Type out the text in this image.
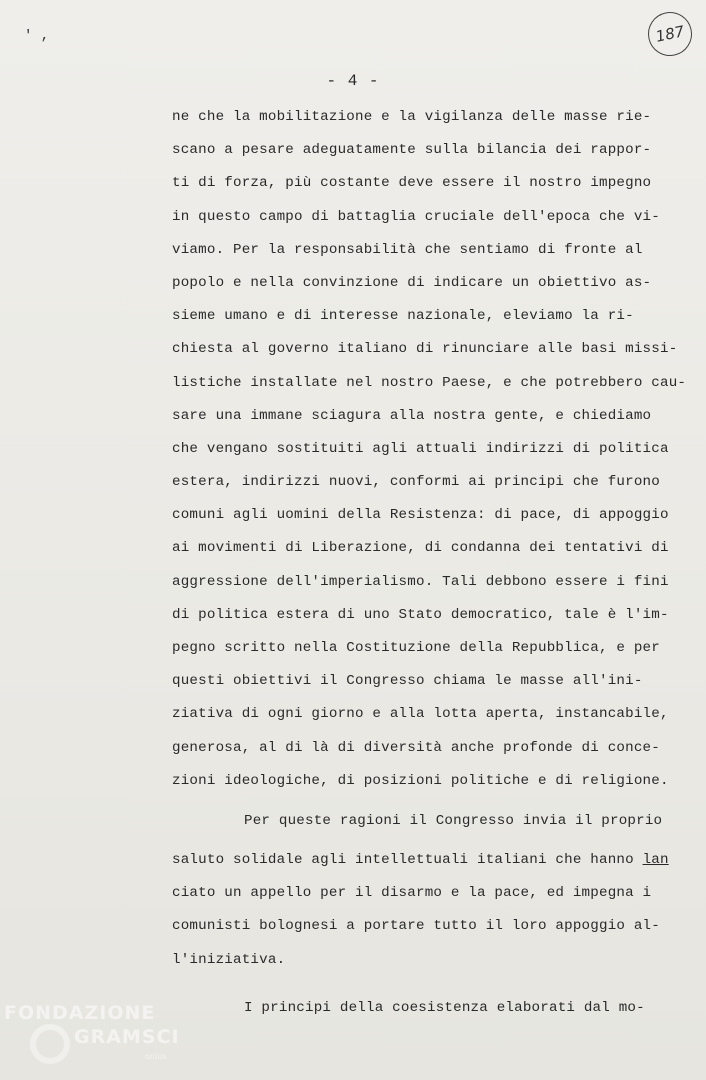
' ,	187
- 4 -
ne che la mobilitazione e la vigilanza delle masse rie-
scano a pesare adeguatamente sulla bilancia dei rappor-
ti di forza, più costante deve essere il nostro impegno
in questo campo di battaglia cruciale dell'epoca che vi-
viamo. Per la responsabilità che sentiamo di fronte al
popolo e nella convinzione di indicare un obiettivo as-
sieme umano e di interesse nazionale, eleviamo la ri-
chiesta al governo italiano di rinunciare alle basi missi-
listiche installate nel nostro Paese, e che potrebbero cau-
sare una immane sciagura alla nostra gente, e chiediamo
che vengano sostituiti agli attuali indirizzi di politica
estera, indirizzi nuovi, conformi ai principi che furono
comuni agli uomini della Resistenza: di pace, di appoggio
ai movimenti di Liberazione, di condanna dei tentativi di
aggressione dell'imperialismo. Tali debbono essere i fini
di politica estera di uno Stato democratico, tale è l'im-
pegno scritto nella Costituzione della Repubblica, e per
questi obiettivi il Congresso chiama le masse all'ini-
ziativa di ogni giorno e alla lotta aperta, instancabile,
generosa, al di là di diversità anche profonde di conce-
zioni ideologiche, di posizioni politiche e di religione.
Per queste ragioni il Congresso invia il proprio
saluto solidale agli intellettuali italiani che hanno lan
ciato un appello per il disarmo e la pace, ed impegna i
comunisti bolognesi a portare tutto il loro appoggio al-
l'iniziativa.
I principi della coesistenza elaborati dal mo-
FONDAZIONE
GRAMSCI
onlus
